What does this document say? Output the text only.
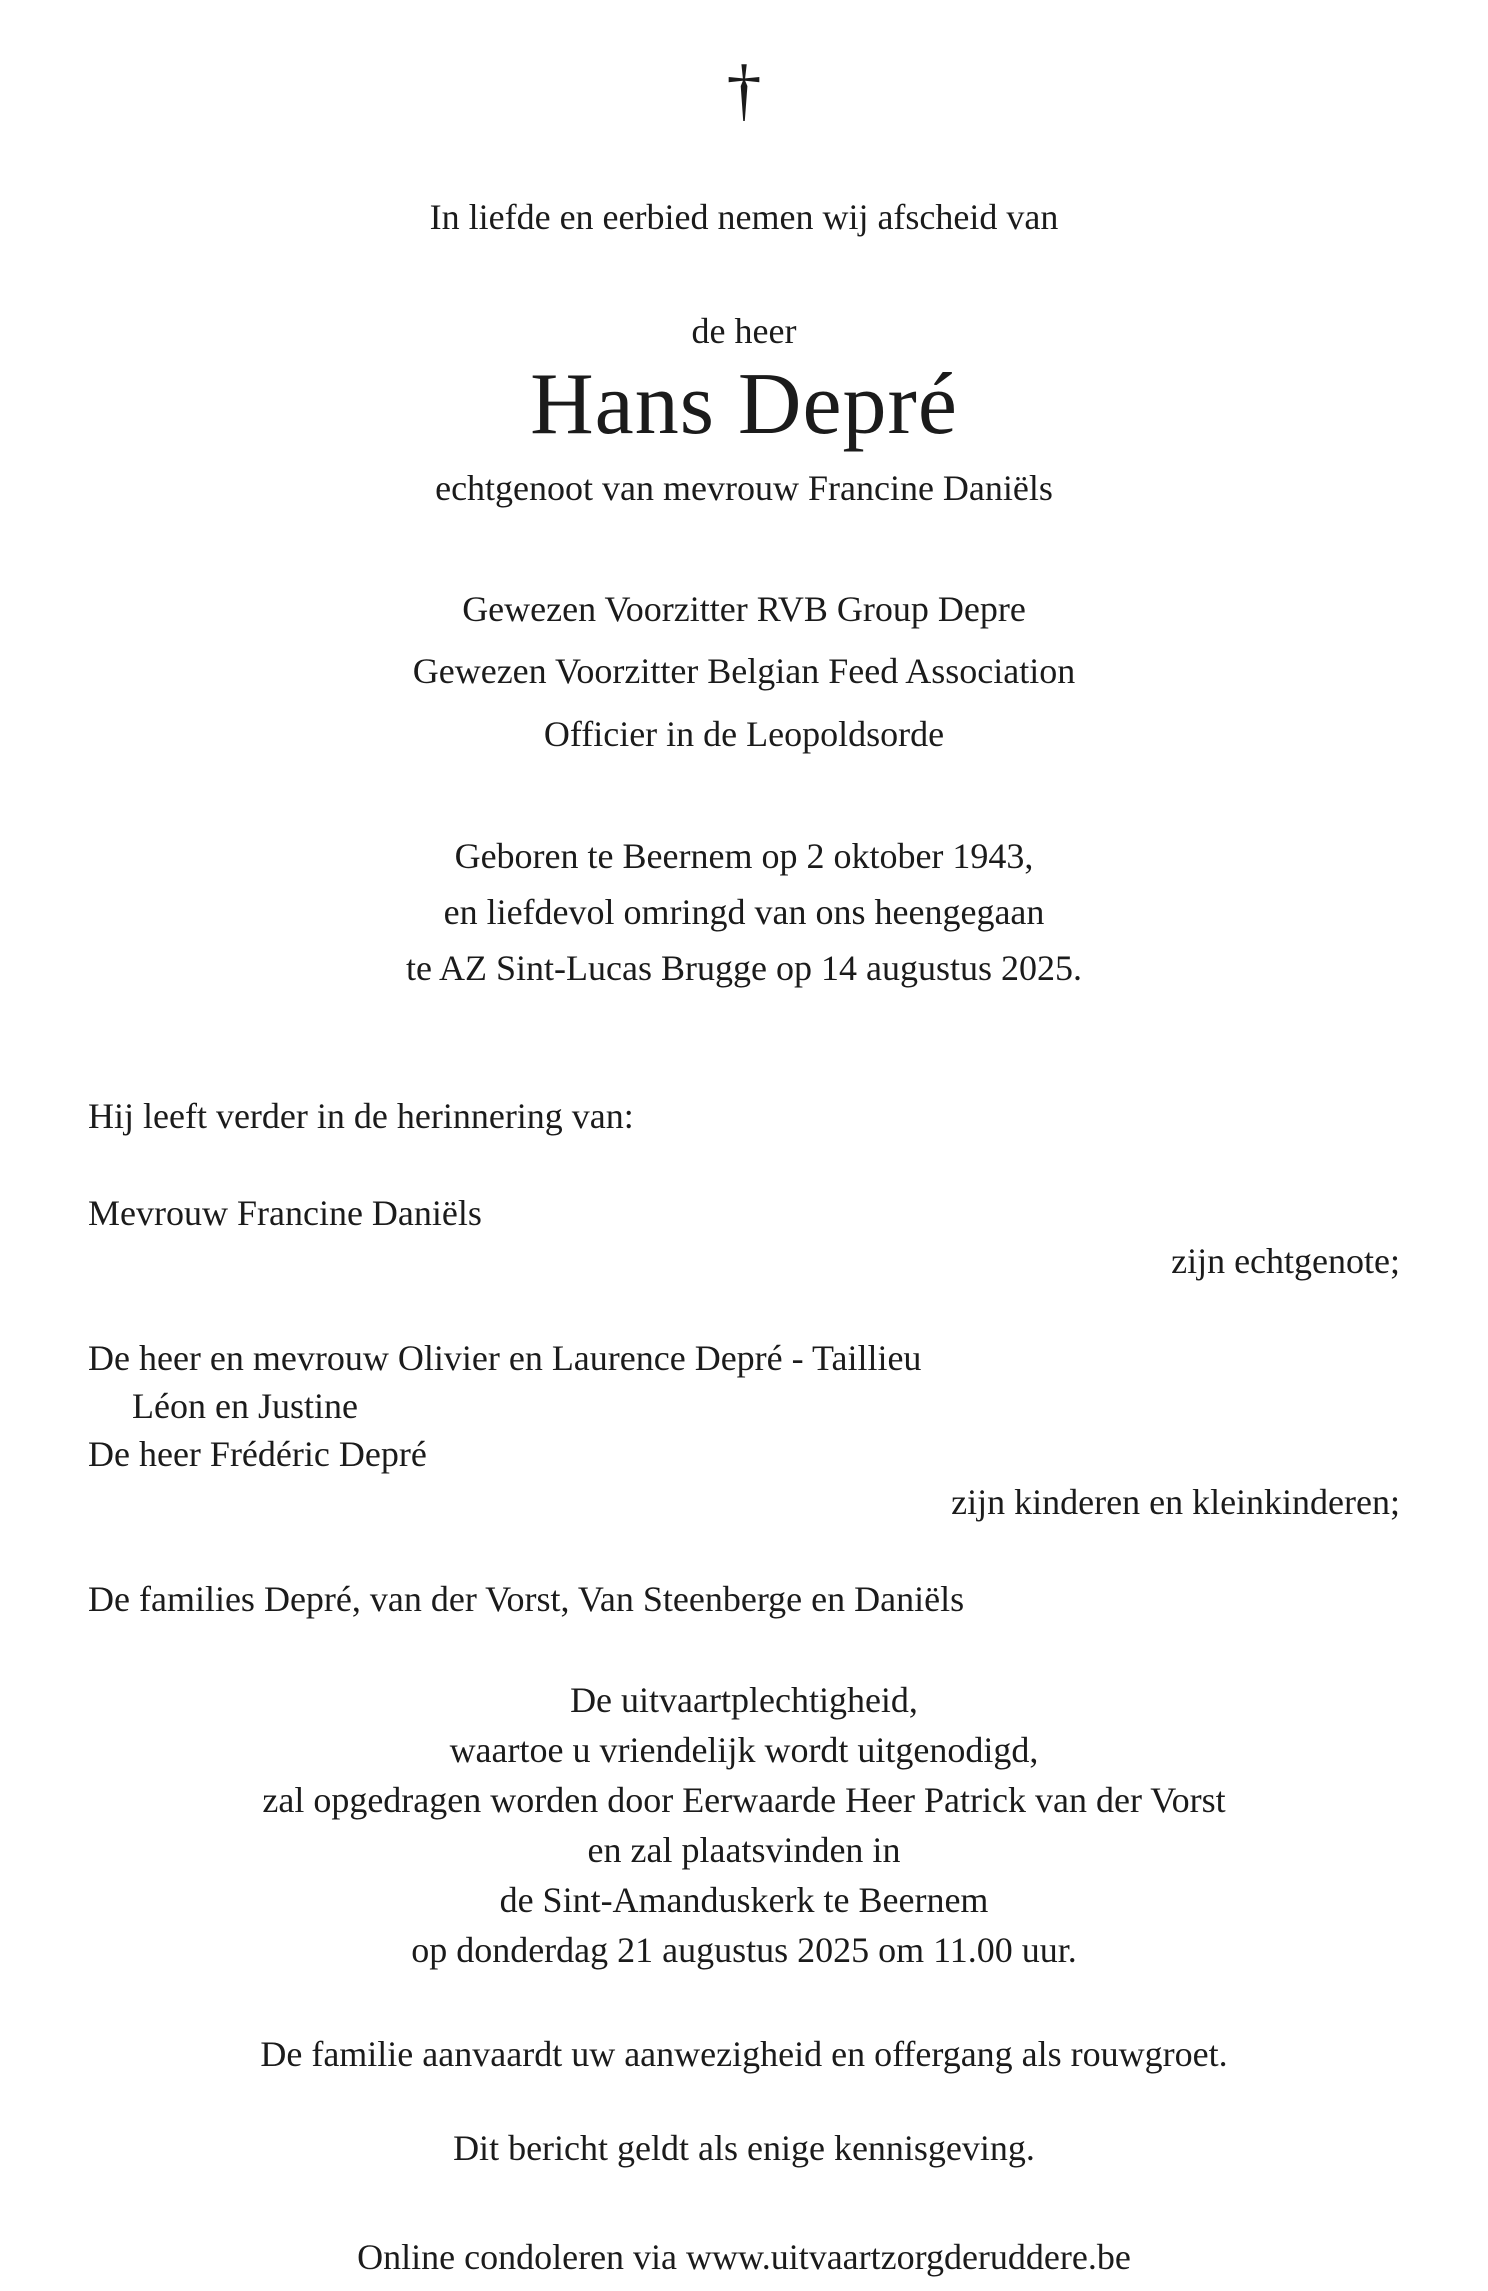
†

In liefde en eerbied nemen wij afscheid van

de heer

Hans Depré

echtgenoot van mevrouw Francine Daniëls

Gewezen Voorzitter RVB Group Depre

Gewezen Voorzitter Belgian Feed Association

Officier in de Leopoldsorde

Geboren te Beernem op 2 oktober 1943,

en liefdevol omringd van ons heengegaan

te AZ Sint-Lucas Brugge op 14 augustus 2025.

Hij leeft verder in de herinnering van:

Mevrouw Francine Daniëls

zijn echtgenote;

De heer en mevrouw Olivier en Laurence Depré - Taillieu

Léon en Justine

De heer Frédéric Depré

zijn kinderen en kleinkinderen;

De families Depré, van der Vorst, Van Steenberge en Daniëls

De uitvaartplechtigheid,

waartoe u vriendelijk wordt uitgenodigd,

zal opgedragen worden door Eerwaarde Heer Patrick van der Vorst

en zal plaatsvinden in

de Sint-Amanduskerk te Beernem

op donderdag 21 augustus 2025 om 11.00 uur.

De familie aanvaardt uw aanwezigheid en offergang als rouwgroet.

Dit bericht geldt als enige kennisgeving.

Online condoleren via www.uitvaartzorgderuddere.be
